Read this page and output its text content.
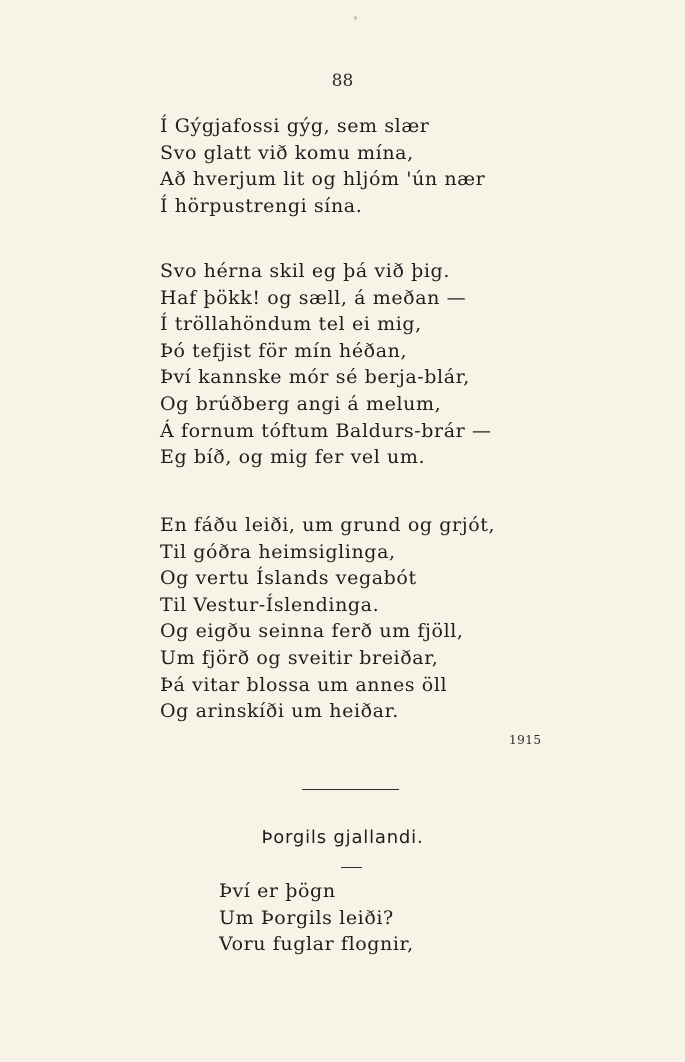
88
Í Gýgjafossi gýg, sem slær
Svo glatt við komu mína,
Að hverjum lit og hljóm 'ún nær
Í hörpustrengi sína.
Svo hérna skil eg þá við þig.
Haf þökk! og sæll, á meðan —
Í tröllahöndum tel ei mig,
Þó tefjist för mín héðan,
Því kannske mór sé berja-blár,
Og brúðberg angi á melum,
Á fornum tóftum Baldurs-brár —
Eg bíð, og mig fer vel um.
En fáðu leiði, um grund og grjót,
Til góðra heimsiglinga,
Og vertu Íslands vegabót
Til Vestur-Íslendinga.
Og eigðu seinna ferð um fjöll,
Um fjörð og sveitir breiðar,
Þá vitar blossa um annes öll
Og arinskíði um heiðar.
1915
Þorgils gjallandi.
Því er þögn
Um Þorgils leiði?
Voru fuglar flognir,
